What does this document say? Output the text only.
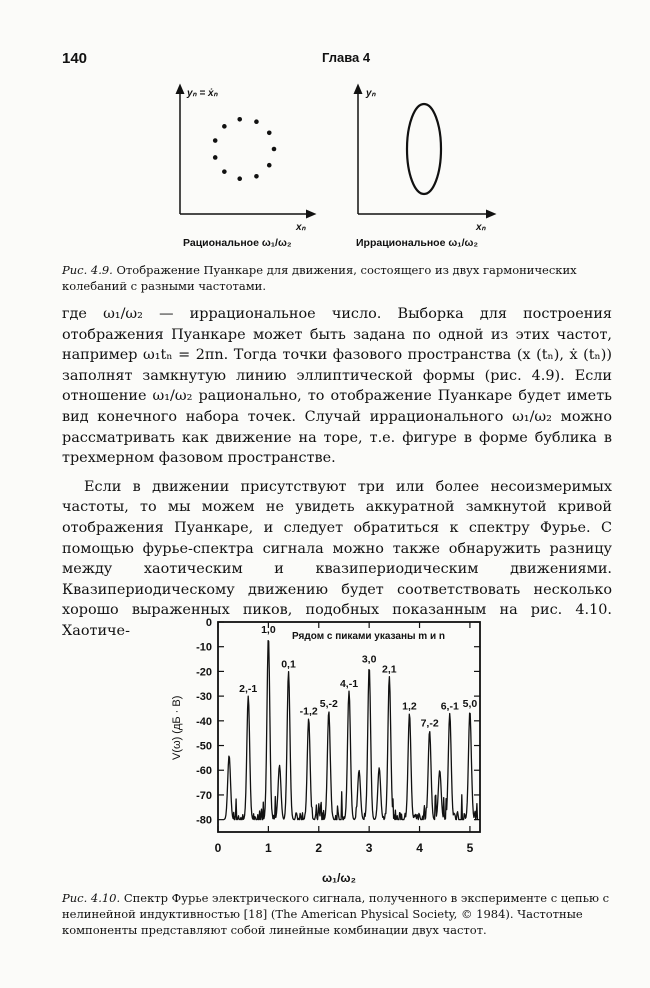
140	Глава 4
yₙ = ẋₙ
xₙ
Рациональное ω₁/ω₂
yₙ
xₙ
Иррациональное ω₁/ω₂
Рис. 4.9. Отображение Пуанкаре для движения, состоящего из двух гармонических колебаний с разными частотами.

где ω₁/ω₂ — иррациональное число. Выборка для построения отображения Пуанкаре может быть задана по одной из этих частот, например ω₁tₙ = 2πn. Тогда точки фазового пространства (x (tₙ), ẋ (tₙ)) заполнят замкнутую линию эллиптической формы (рис. 4.9). Если отношение ω₁/ω₂ рационально, то отображение Пуанкаре будет иметь вид конечного набора точек. Случай иррационального ω₁/ω₂ можно рассматривать как движение на торе, т.е. фигуре в форме бублика в трехмерном фазовом пространстве.

Если в движении присутствуют три или более несоизмеримых частоты, то мы можем не увидеть аккуратной замкнутой кривой отображения Пуанкаре, и следует обратиться к спектру Фурье. С помощью фурье-спектра сигнала можно также обнаружить разницу между хаотическим и квазипериодическим движениями. Квазипериодическому движению будет соответствовать несколько хорошо выраженных пиков, подобных показанным на рис. 4.10. Хаотиче-	0
-10
-20
-30
-40
-50
-60
-70
-80
0	1	2	3	4	5
2,-1
1,0
0,1
-1,2
5,-2
4,-1
3,0
2,1
1,2
7,-2
6,-1 5,0
V(ω) (дБ · В)
ω₁/ω₂
Рядом с пиками указаны m и n
Рис. 4.10. Спектр Фурье электрического сигнала, полученного в эксперименте с цепью с нелинейной индуктивностью [18] (The American Physical Society, © 1984). Частотные компоненты представляют собой линейные комбинации двух частот.
